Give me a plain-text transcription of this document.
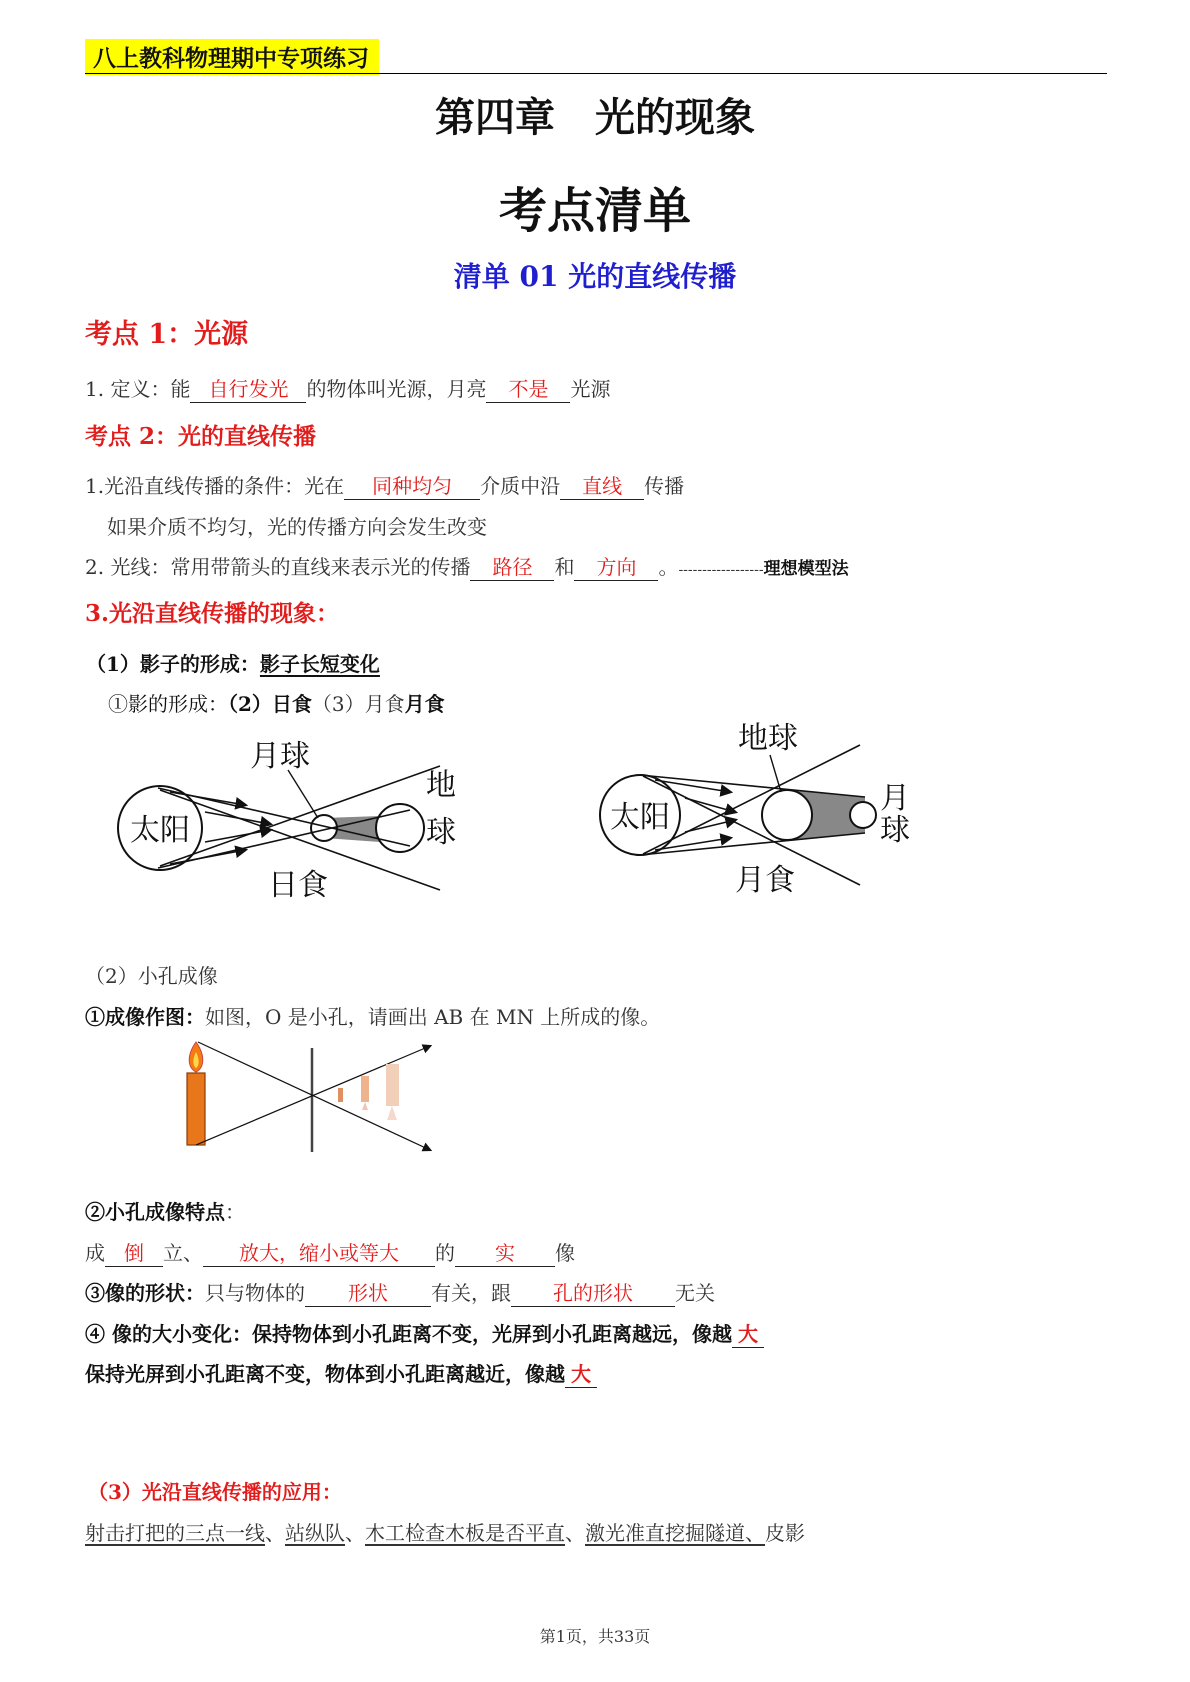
八上教科物理期中专项练习
第四章　光的现象
考点清单
清单 01 光的直线传播
考点 1：光源
1. 定义：能 自行发光 的物体叫光源，月亮 不是 光源
考点 2：光的直线传播
1.光沿直线传播的条件：光在 同种均匀 介质中沿 直线 传播
如果介质不均匀，光的传播方向会发生改变
2. 光线：常用带箭头的直线来表示光的传播 路径 和 方向 。------------------理想模型法
3.光沿直线传播的现象：
（1）影子的形成：影子长短变化
①影的形成：（2）日食（3）月食月食
太阳
月球
地
球
日食
太阳
地球
月
球
月食
（2）小孔成像
①成像作图：如图，O 是小孔，请画出 AB 在 MN 上所成的像。
②小孔成像特点：
成 倒 立、 放大，缩小或等大 的 实 像
③像的形状：只与物体的 形状 有关，跟 孔的形状 无关
④ 像的大小变化：保持物体到小孔距离不变，光屏到小孔距离越远，像越 大
保持光屏到小孔距离不变，物体到小孔距离越近，像越 大
（3）光沿直线传播的应用：
射击打把的三点一线、站纵队、木工检查木板是否平直、激光准直挖掘隧道、皮影
第1页，共33页
